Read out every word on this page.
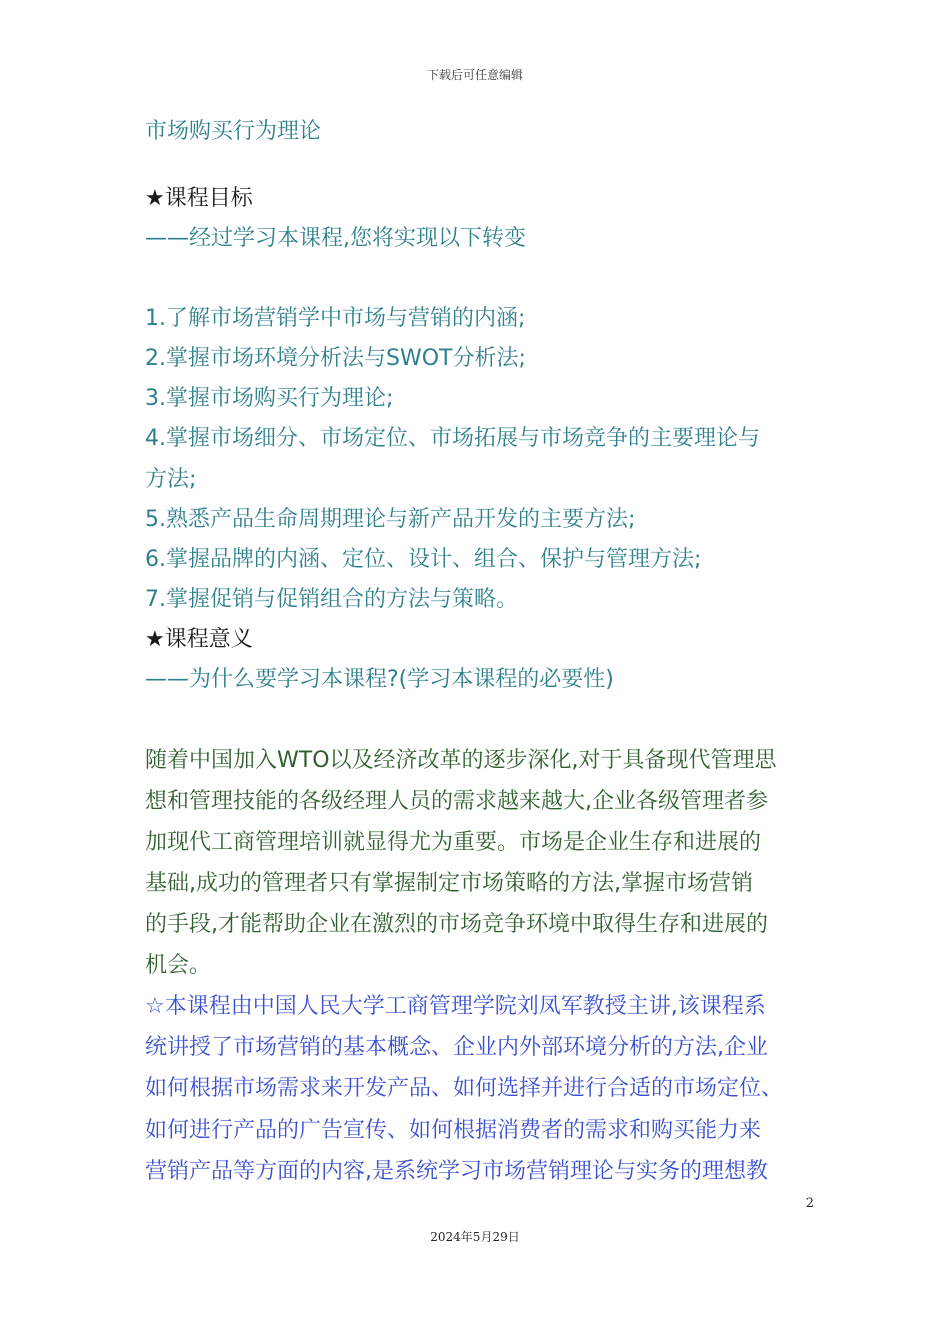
下载后可任意编辑
市场购买行为理论
★课程目标
——经过学习本课程,您将实现以下转变
1.了解市场营销学中市场与营销的内涵;
2.掌握市场环境分析法与SWOT分析法;
3.掌握市场购买行为理论;
4.掌握市场细分、市场定位、市场拓展与市场竞争的主要理论与
方法;
5.熟悉产品生命周期理论与新产品开发的主要方法;
6.掌握品牌的内涵、定位、设计、组合、保护与管理方法;
7.掌握促销与促销组合的方法与策略。
★课程意义
——为什么要学习本课程?(学习本课程的必要性)
随着中国加入WTO以及经济改革的逐步深化,对于具备现代管理思
想和管理技能的各级经理人员的需求越来越大,企业各级管理者参
加现代工商管理培训就显得尤为重要。市场是企业生存和进展的
基础,成功的管理者只有掌握制定市场策略的方法,掌握市场营销
的手段,才能帮助企业在激烈的市场竞争环境中取得生存和进展的
机会。
☆本课程由中国人民大学工商管理学院刘凤军教授主讲,该课程系
统讲授了市场营销的基本概念、企业内外部环境分析的方法,企业
如何根据市场需求来开发产品、如何选择并进行合适的市场定位、
如何进行产品的广告宣传、如何根据消费者的需求和购买能力来
营销产品等方面的内容,是系统学习市场营销理论与实务的理想教
2
2024年5月29日
